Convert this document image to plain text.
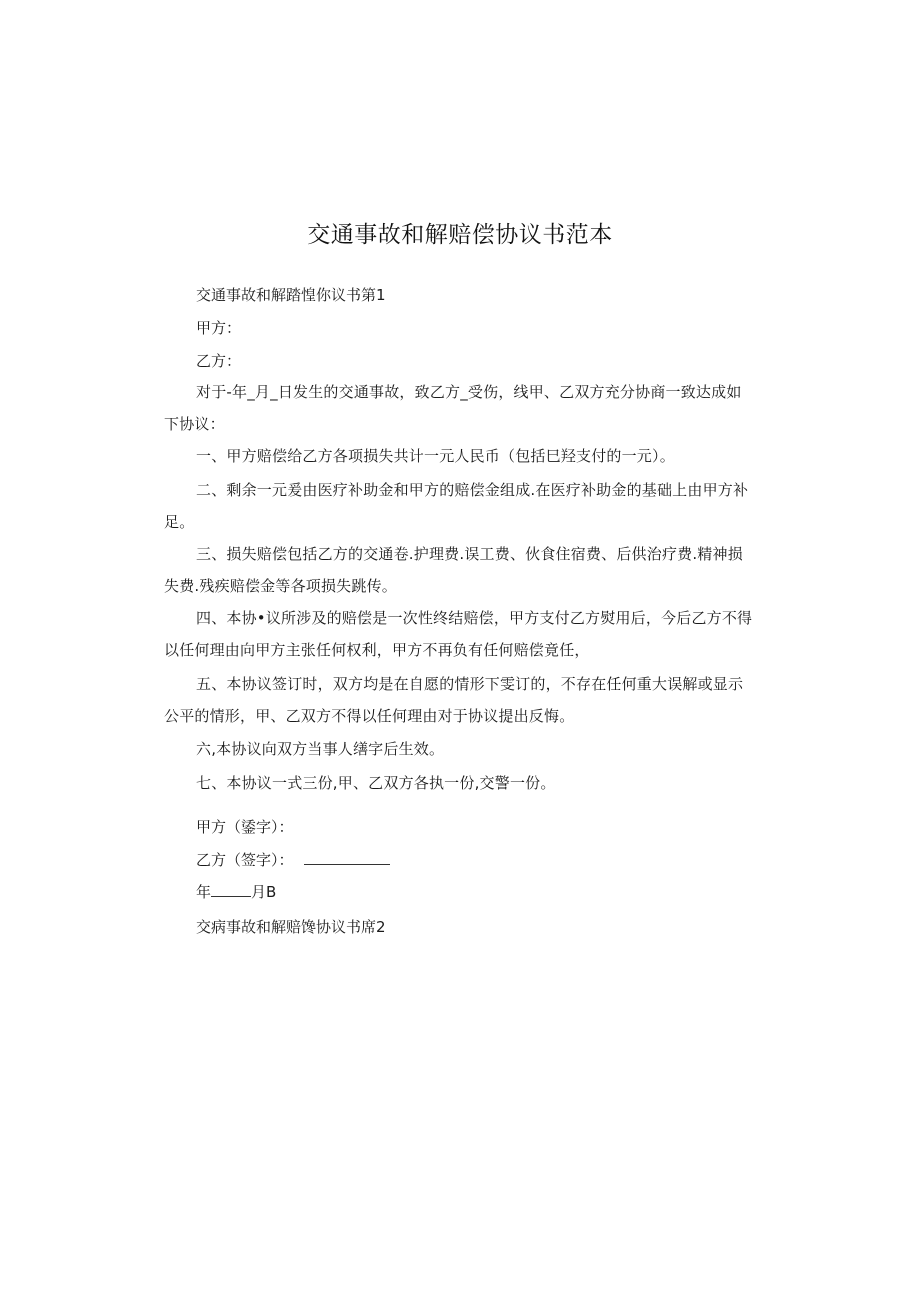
交通事故和解赔偿协议书范本
交通事故和解踏惶你议书第1
甲方：
乙方：
对于-年_月_日发生的交通事故，致乙方_受伤，线甲、乙双方充分协商一致达成如下协议：
一、甲方赔偿给乙方各项损失共计一元人民币（包括巳羟支付的一元）。
二、剩余一元爰由医疗补助金和甲方的赔偿金组成.在医疗补助金的基础上由甲方补足。
三、损失赔偿包括乙方的交通卷.护理费.误工费、伙食住宿费、后供治疗费.精神损失费.残疾赔偿金等各项损失跳传。
四、本协•议所涉及的赔偿是一次性终结赔偿，甲方支付乙方熨用后，今后乙方不得以任何理由向甲方主张任何权利，甲方不再负有任何赔偿竟任，
五、本协议签订时，双方均是在自愿的情形下雯订的，不存在任何重大误解或显示公平的情形，甲、乙双方不得以任何理由对于协议提出反悔。
六,本协议向双方当事人缮字后生效。
七、本协议一式三份,甲、乙双方各执一份,交警一份。
甲方（鋈字）：
乙方（签字）：
年	月B
交病事故和解赔馋协议书席2
